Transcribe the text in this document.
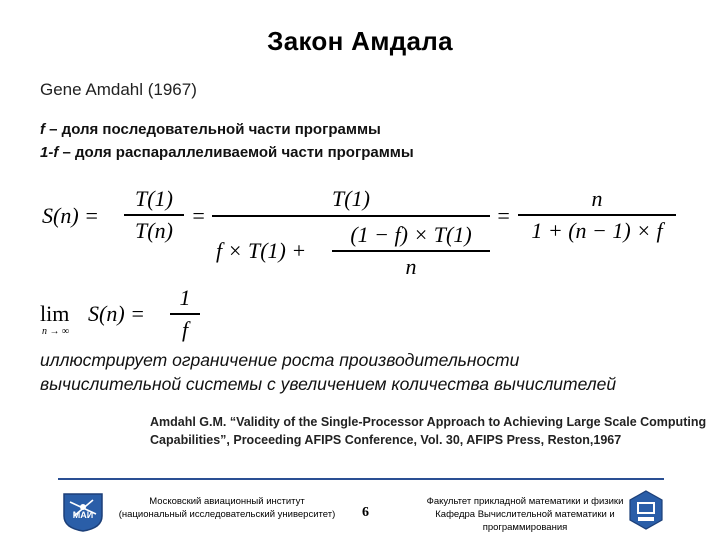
Закон Амдала
Gene Amdahl (1967)
f – доля последовательной части программы
1-f – доля распараллеливаемой части программы
S(n) =
T(1)
T(n)
=
T(1)
f × T(1) +
(1 − f) × T(1)
n
=
n
1 + (n − 1) × f
lim
n → ∞
S(n) =
1
f
иллюстрирует ограничение роста производительности
вычислительной системы с увеличением количества вычислителей
Amdahl G.M. “Validity of the Single-Processor Approach to Achieving Large Scale Computing
Capabilities”, Proceeding AFIPS Conference, Vol. 30, AFIPS Press, Reston,1967
МАИ
Московский авиационный институт
(национальный исследовательский университет)	6
Факультет прикладной математики и физики
Кафедра Вычислительной математики и
программирования
